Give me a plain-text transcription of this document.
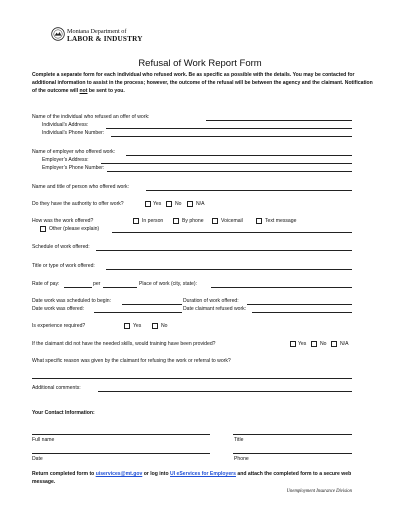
Montana Department of
LABOR & INDUSTRY
Refusal of Work Report Form
Complete a separate form for each individual who refused work. Be as specific as possible with the details. You may be contacted for additional information to assist in the process; however, the outcome of the refusal will be between the agency and the claimant. Notification of the outcome will not be sent to you.
Name of the individual who refused an offer of work:
Individual’s Address:
Individual’s Phone Number:
Name of employer who offered work:
Employer’s Address:
Employer’s Phone Number:
Name and title of person who offered work:
Do they have the authority to offer work?	Yes	No	N/A
How was the work offered?	In person	By phone	Voicemail	Text message
Other (please explain)
Schedule of work offered:
Title or type of work offered:
Rate of pay:	per	Place of work (city, state):
Date work was scheduled to begin:	Duration of work offered:
Date work was offered:	Date claimant refused work:
Is experience required?	Yes	No
If the claimant did not have the needed skills, would training have been provided?	Yes	No	N/A
What specific reason was given by the claimant for refusing the work or referral to work?
Additional comments:
Your Contact Information:
Full name	Title
Date	Phone
Return completed form to uiservices@mt.gov or log into UI eServices for Employers and attach the completed form to a secure web message.
Unemployment Insurance Division
